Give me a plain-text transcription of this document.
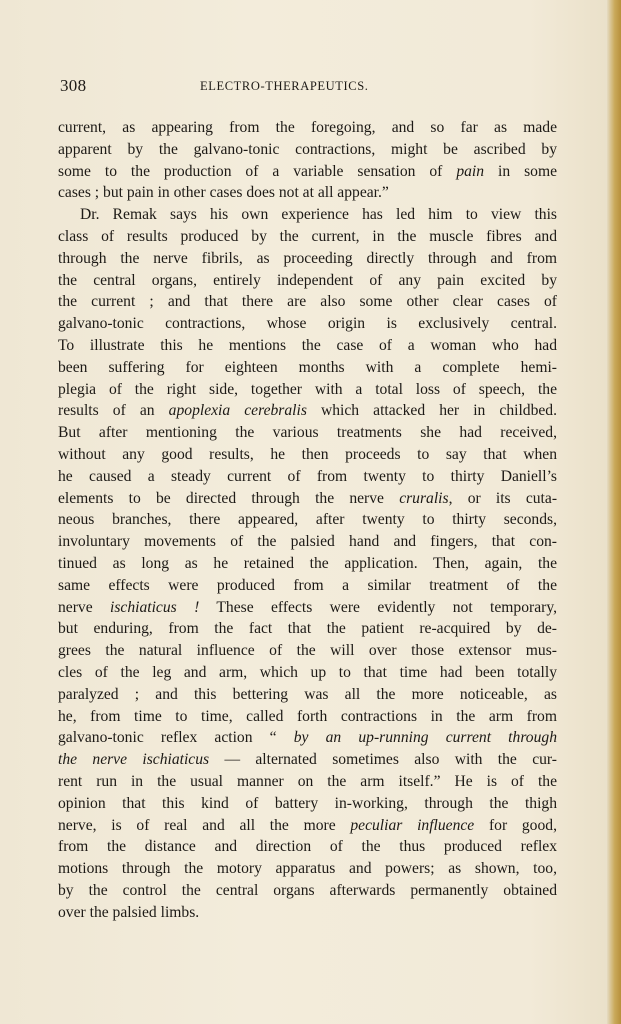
308	ELECTRO-THERAPEUTICS.
current, as appearing from the foregoing, and so far as made
apparent by the galvano-tonic contractions, might be ascribed by
some to the production of a variable sensation of pain in some
cases ; but pain in other cases does not at all appear.”
Dr. Remak says his own experience has led him to view this
class of results produced by the current, in the muscle fibres and
through the nerve fibrils, as proceeding directly through and from
the central organs, entirely independent of any pain excited by
the current ; and that there are also some other clear cases of
galvano-tonic contractions, whose origin is exclusively central.
To illustrate this he mentions the case of a woman who had
been suffering for eighteen months with a complete hemi-
plegia of the right side, together with a total loss of speech, the
results of an apoplexia cerebralis which attacked her in childbed.
But after mentioning the various treatments she had received,
without any good results, he then proceeds to say that when
he caused a steady current of from twenty to thirty Daniell’s
elements to be directed through the nerve cruralis, or its cuta-
neous branches, there appeared, after twenty to thirty seconds,
involuntary movements of the palsied hand and fingers, that con-
tinued as long as he retained the application. Then, again, the
same effects were produced from a similar treatment of the
nerve ischiaticus ! These effects were evidently not temporary,
but enduring, from the fact that the patient re-acquired by de-
grees the natural influence of the will over those extensor mus-
cles of the leg and arm, which up to that time had been totally
paralyzed ; and this bettering was all the more noticeable, as
he, from time to time, called forth contractions in the arm from
galvano-tonic reflex action “ by an up-running current through
the nerve ischiaticus — alternated sometimes also with the cur-
rent run in the usual manner on the arm itself.” He is of the
opinion that this kind of battery in-working, through the thigh
nerve, is of real and all the more peculiar influence for good,
from the distance and direction of the thus produced reflex
motions through the motory apparatus and powers; as shown, too,
by the control the central organs afterwards permanently obtained
over the palsied limbs.
